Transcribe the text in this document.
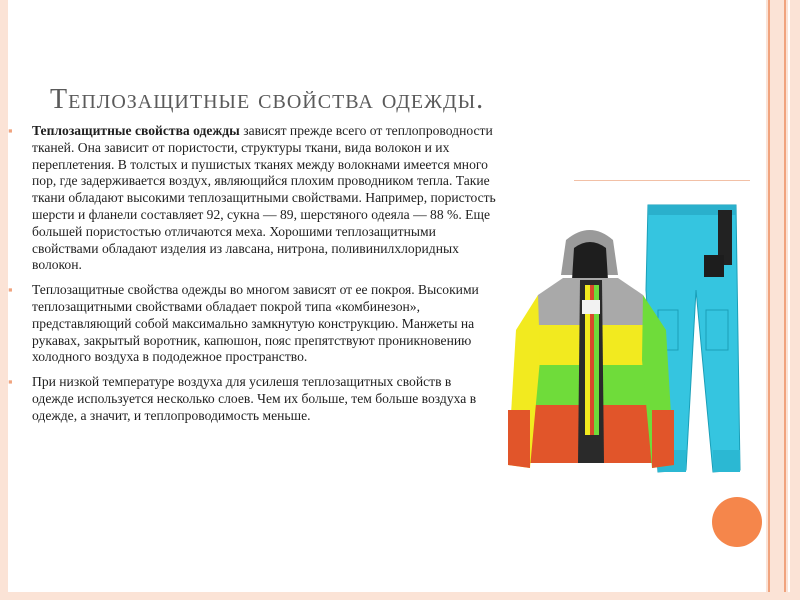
Теплозащитные свойства одежды.
▪ Теплозащитные свойства одежды зависят прежде всего от теплопроводности тканей. Она зависит от пористости, структуры ткани, вида волокон и их переплетения. В толстых и пушистых тканях между волокнами имеется много пор, где задерживается воздух, являющийся плохим проводником тепла. Такие ткани обладают высокими теплозащитными свойствами. Например, пористость шерсти и фланели составляет 92, сукна — 89, шерстяного одеяла — 88 %. Еще большей пористостью отличаются меха. Хорошими теплозащитными свойствами обладают изделия из лавсана, нитрона, поливинилхлоридных волокон.
▪ Теплозащитные свойства одежды во многом зависят от ее покроя. Высокими теплозащитными свойствами обладает покрой типа «комбинезон», представляющий собой максимально замкнутую конструкцию. Манжеты на рукавах, закрытый воротник, капюшон, пояс препятствуют проникновению холодного воздуха в пододежное пространство.
▪ При низкой температуре воздуха для усилешя теплозащитных свойств в одежде используется несколько слоев. Чем их больше, тем больше воздуха в одежде, а значит, и теплопроводимость меньше.
